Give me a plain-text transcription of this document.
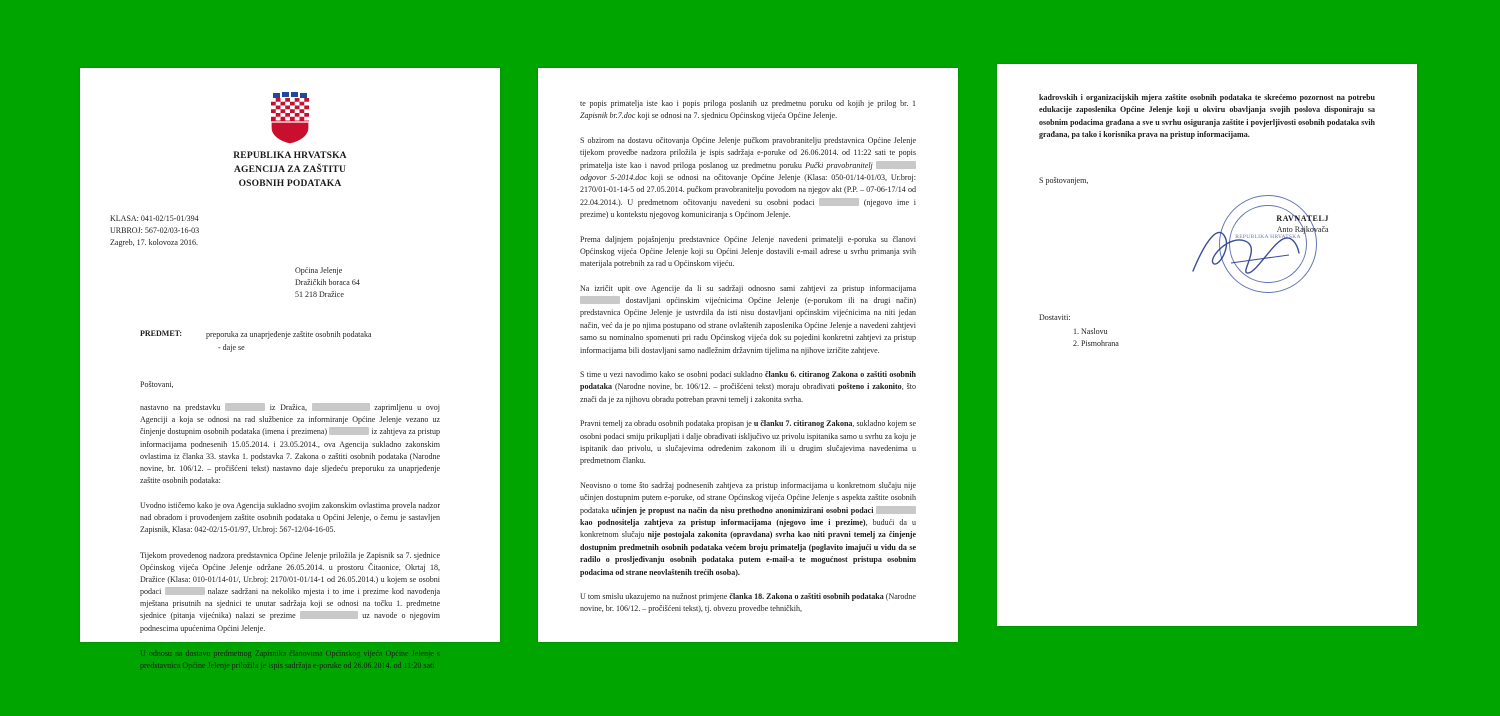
REPUBLIKA HRVATSKA
AGENCIJA ZA ZAŠTITU
OSOBNIH PODATAKA
KLASA: 041-02/15-01/394
URBROJ: 567-02/03-16-03
Zagreb, 17. kolovoza 2016.
Općina Jelenje
Dražičkih boraca 64
51 218 Dražice
PREDMET:	preporuka za unaprjeđenje zaštite osobnih podataka
- daje se
Poštovani,

nastavno na predstavku	iz Dražica,	zaprimljenu u ovoj Agenciji a koja se odnosi na rad službenice za informiranje Općine Jelenje vezano uz činjenje dostupnim osobnih podataka (imena i prezimena)	iz zahtjeva za pristup informacijama podnesenih 15.05.2014. i 23.05.2014., ova Agencija sukladno zakonskim ovlastima iz članka 33. stavka 1. podstavka 7. Zakona o zaštiti osobnih podataka (Narodne novine, br. 106/12. – pročišćeni tekst) nastavno daje sljedeću preporuku za unaprjeđenje zaštite osobnih podataka:

Uvodno ističemo kako je ova Agencija sukladno svojim zakonskim ovlastima provela nadzor nad obradom i provođenjem zaštite osobnih podataka u Općini Jelenje, o čemu je sastavljen Zapisnik, Klasa: 042-02/15-01/97, Ur.broj: 567-12/04-16-05.

Tijekom provedenog nadzora predstavnica Općine Jelenje priložila je Zapisnik sa 7. sjednice Općinskog vijeća Općine Jelenje održane 26.05.2014. u prostoru Čitaonice, Okrtaj 18, Dražice (Klasa: 010-01/14-01/, Ur.broj: 2170/01-01/14-1 od 26.05.2014.) u kojem se osobni podaci	nalaze sadržani na nekoliko mjesta i to ime i prezime kod navođenja mještana prisutnih na sjednici te unutar sadržaja koji se odnosi na točku 1. predmetne sjednice (pitanja vijećnika) nalazi se prezime	uz navode o njegovim podnescima upućenima Općini Jelenje.

U odnosu na dostavu predmetnog Zapisnika članovima Općinskog vijeća Općine Jelenje s predstavnica Općine Jelenje priložila je ispis sadržaja e-poruke od 26.06.2014. od 11:20 sati

te popis primatelja iste kao i popis priloga poslanih uz predmetnu poruku od kojih je prilog br. 1 Zapisnik br.7.doc koji se odnosi na 7. sjednicu Općinskog vijeća Općine Jelenje.

S obzirom na dostavu očitovanja Općine Jelenje pučkom pravobranitelju predstavnica Općine Jelenje tijekom provedbe nadzora priložila je ispis sadržaja e-poruke od 26.06.2014. od 11:22 sati te popis primatelja iste kao i navod priloga poslanog uz predmetnu poruku Pučki pravobranitelj   odgovor 5-2014.doc koji se odnosi na očitovanje Općine Jelenje (Klasa: 050-01/14-01/03, Ur.broj: 2170/01-01-14-5 od 27.05.2014. pučkom pravobranitelju povodom na njegov akt (P.P. – 07-06-17/14 od 22.04.2014.). U predmetnom očitovanju navedeni su osobni podaci	(njegovo ime i prezime) u kontekstu njegovog komuniciranja s Općinom Jelenje.

Prema daljnjem pojašnjenju predstavnice Općine Jelenje navedeni primatelji e-poruka su članovi Općinskog vijeća Općine Jelenje koji su Općini Jelenje dostavili e-mail adrese u svrhu primanja svih materijala potrebnih za rad u Općinskom vijeću.

Na izričit upit ove Agencije da li su sadržaji odnosno sami zahtjevi za pristup informacijama   dostavljani općinskim vijećnicima Općine Jelenje (e-porukom ili na drugi način) predstavnica Općine Jelenje je ustvrdila da isti nisu dostavljani općinskim vijećnicima na niti jedan način, već da je po njima postupano od strane ovlaštenih zaposlenika Općine Jelenje a navedeni zahtjevi samo su nominalno spomenuti pri radu Općinskog vijeća dok su pojedini konkretni zahtjevi za pristup informacijama bili dostavljani samo nadležnim državnim tijelima na njihove izričite zahtjeve.

S time u vezi navodimo kako se osobni podaci sukladno članku 6. citiranog Zakona o zaštiti osobnih podataka (Narodne novine, br. 106/12. – pročišćeni tekst) moraju obrađivati pošteno i zakonito, što znači da je za njihovu obradu potreban pravni temelj i zakonita svrha.

Pravni temelj za obradu osobnih podataka propisan je u članku 7. citiranog Zakona, sukladno kojem se osobni podaci smiju prikupljati i dalje obrađivati isključivo uz privolu ispitanika samo u svrhu za koju je ispitanik dao privolu, u slučajevima određenim zakonom ili u drugim slučajevima navedenima u predmetnom članku.

Neovisno o tome što sadržaj podnesenih zahtjeva za pristup informacijama u konkretnom slučaju nije učinjen dostupnim putem e-poruke, od strane Općinskog vijeća Općine Jelenje s aspekta zaštite osobnih podataka učinjen je propust na način da nisu prethodno anonimizirani osobni podaci   kao podnositelja zahtjeva za pristup informacijama (njegovo ime i prezime), budući da u konkretnom slučaju nije postojala zakonita (opravdana) svrha kao niti pravni temelj za činjenje dostupnim predmetnih osobnih podataka većem broju primatelja (poglavito imajući u vidu da se radilo o prosljeđivanju osobnih podataka putem e-mail-a te mogućnost pristupa osobnim podacima od strane neovlaštenih trećih osoba).

U tom smislu ukazujemo na nužnost primjene članka 18. Zakona o zaštiti osobnih podataka (Narodne novine, br. 106/12. – pročišćeni tekst), tj. obvezu provedbe tehničkih,

kadrovskih i organizacijskih mjera zaštite osobnih podataka te skrećemo pozornost na potrebu edukacije zaposlenika Općine Jelenje koji u okviru obavljanja svojih poslova disponiraju sa osobnim podacima građana a sve u svrhu osiguranja zaštite i povjerljivosti osobnih podataka svih građana, pa tako i korisnika prava na pristup informacijama.

S poštovanjem,
REPUBLIKA HRVATSKA
RAVNATELJ
Anto Rajkovača
Dostaviti:
1. Naslovu
2. Pismohrana
